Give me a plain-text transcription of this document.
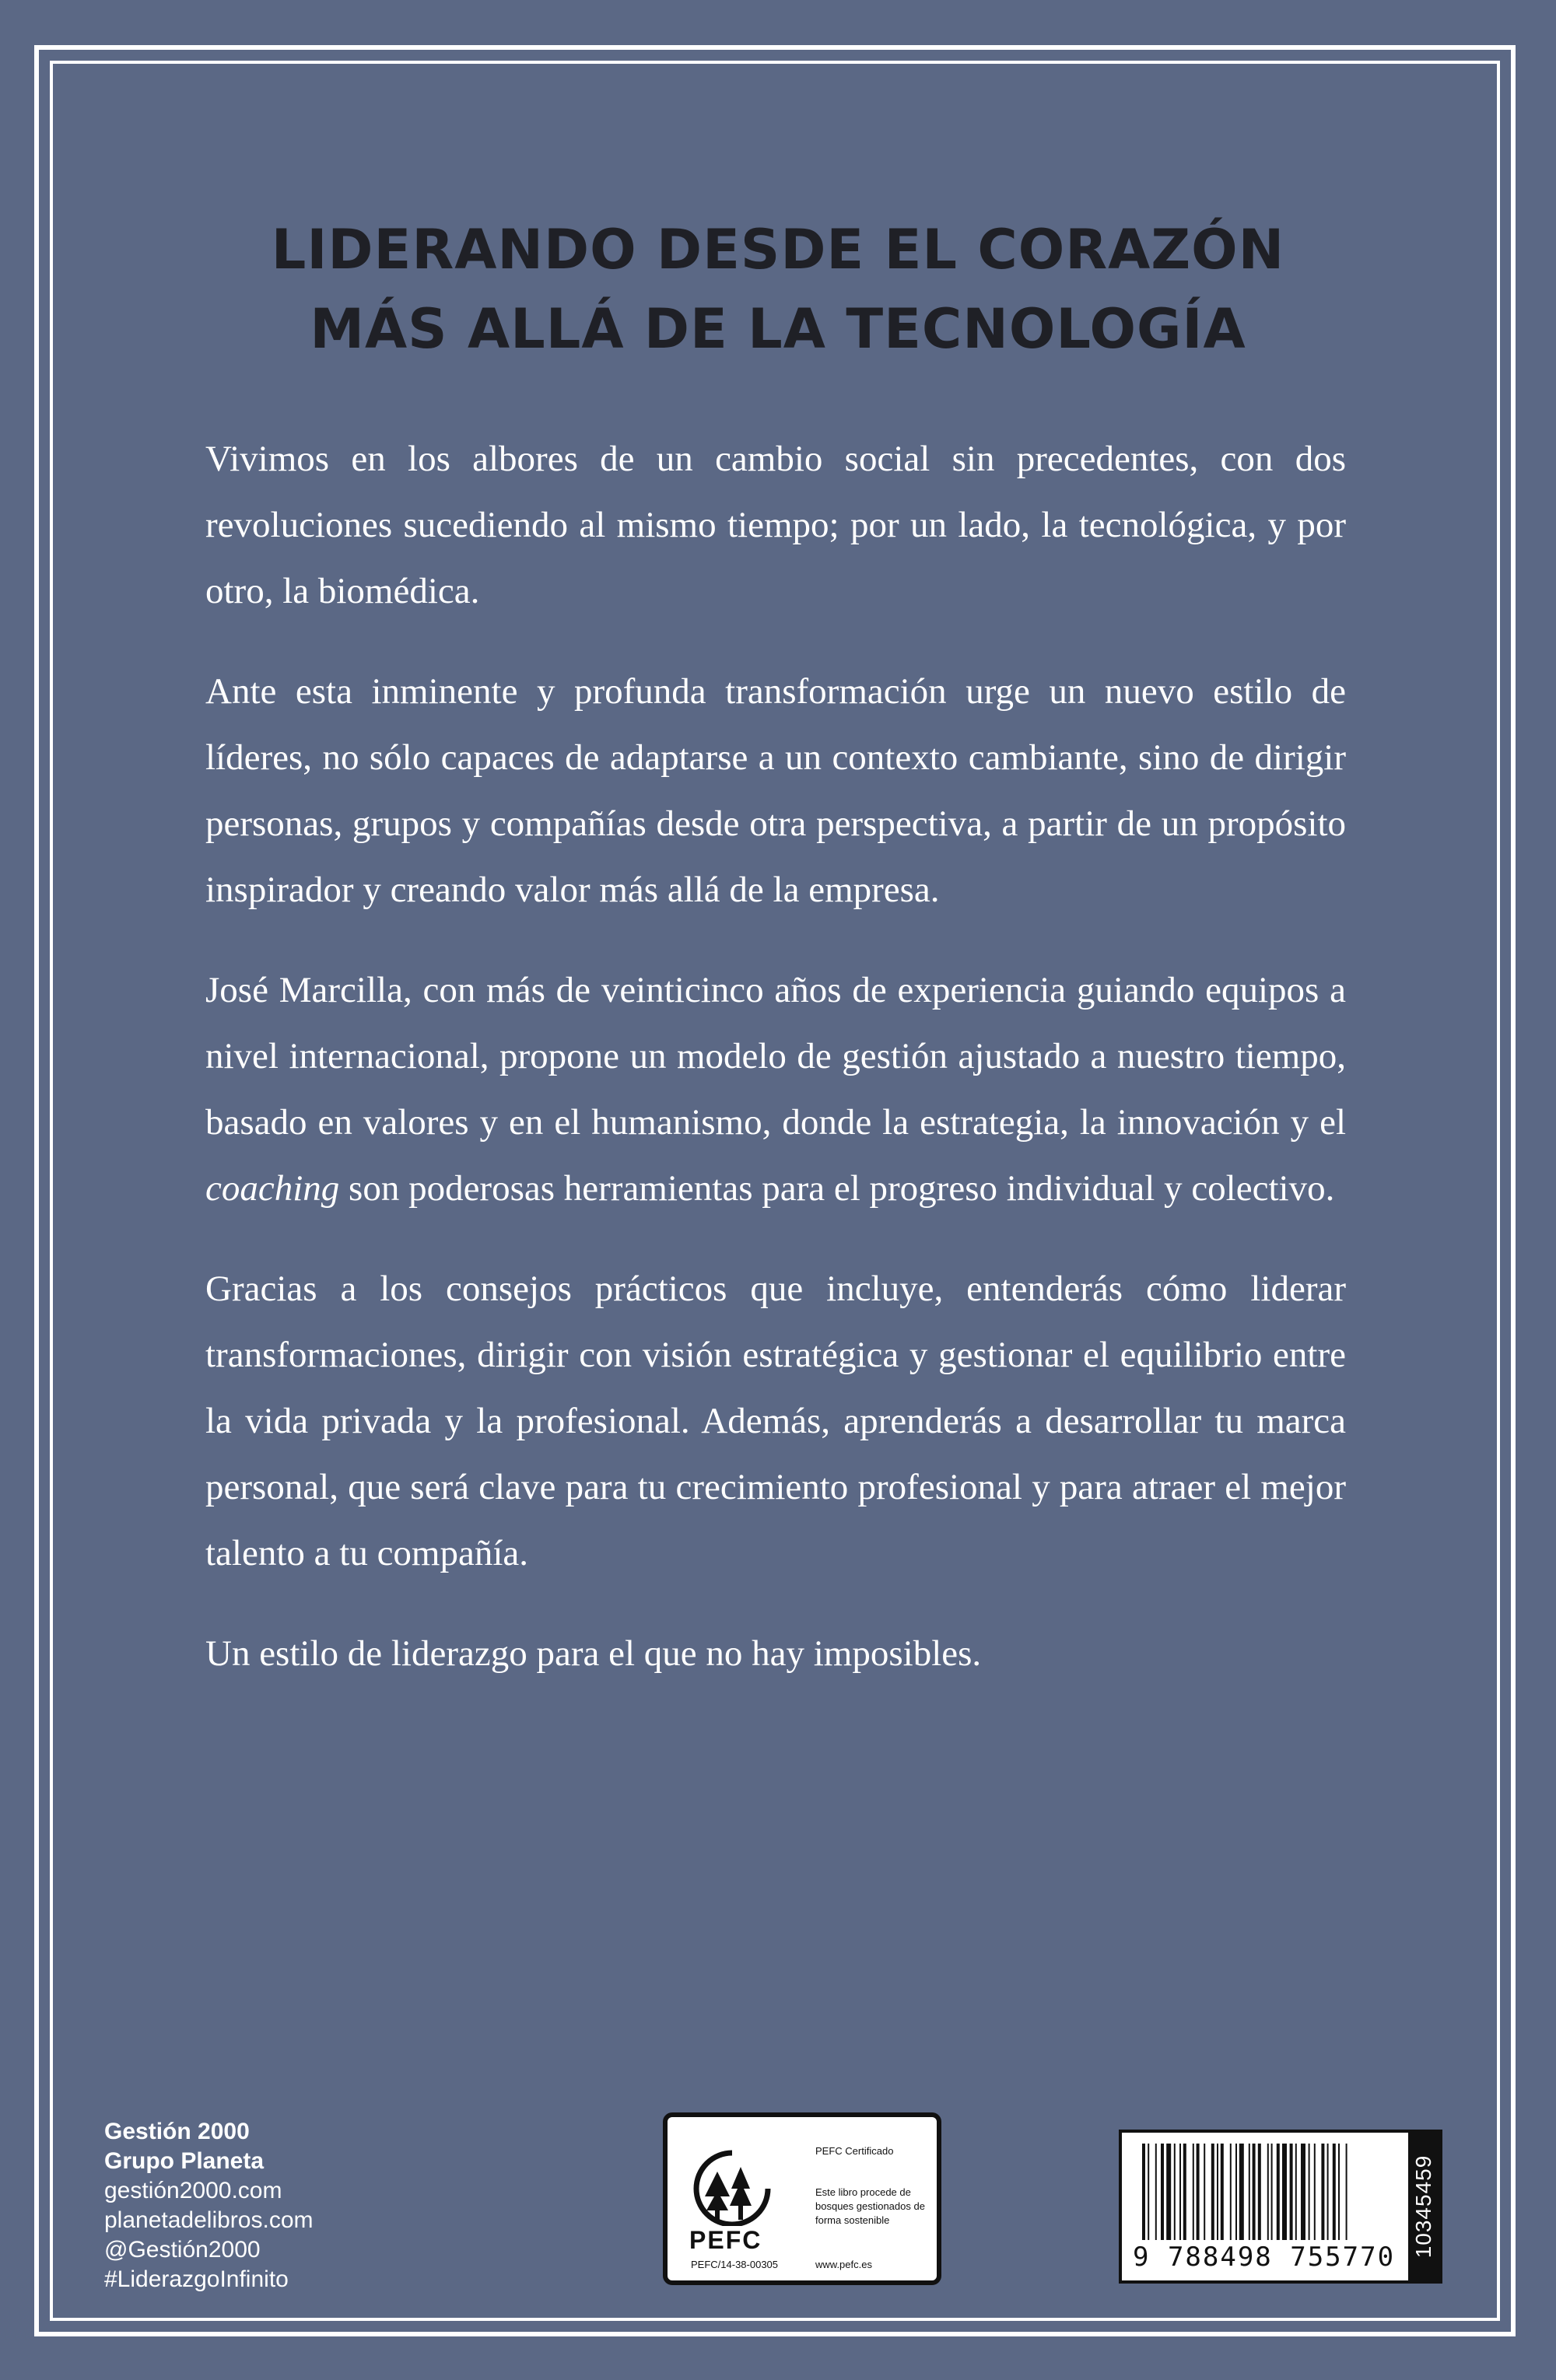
LIDERANDO DESDE EL CORAZÓN
MÁS ALLÁ DE LA TECNOLOGÍA

Vivimos en los albores de un cambio social sin precedentes, con dos revoluciones sucediendo al mismo tiempo; por un lado, la tecnológica, y por otro, la biomédica.

Ante esta inminente y profunda transformación urge un nuevo estilo de líderes, no sólo capaces de adaptarse a un contexto cambiante, sino de dirigir personas, grupos y compañías desde otra perspectiva, a partir de un propósito inspirador y creando valor más allá de la empresa.

José Marcilla, con más de veinticinco años de experiencia guiando equipos a nivel internacional, propone un modelo de gestión ajustado a nuestro tiempo, basado en valores y en el humanismo, donde la estrategia, la innovación y el coaching son poderosas herramientas para el progreso individual y colectivo.

Gracias a los consejos prácticos que incluye, entenderás cómo liderar transformaciones, dirigir con visión estratégica y gestionar el equilibrio entre la vida privada y la profesional. Además, aprenderás a desarrollar tu marca personal, que será clave para tu crecimiento profesional y para atraer el mejor talento a tu compañía.

Un estilo de liderazgo para el que no hay imposibles.

Gestión 2000
Grupo Planeta
gestión2000.com
planetadelibros.com
@Gestión2000
#LiderazgoInfinito
PEFC
PEFC/14-38-00305
PEFC Certificado
Este libro procede de bosques gestionados de forma sostenible
www.pefc.es	9 788498 755770 10345459
